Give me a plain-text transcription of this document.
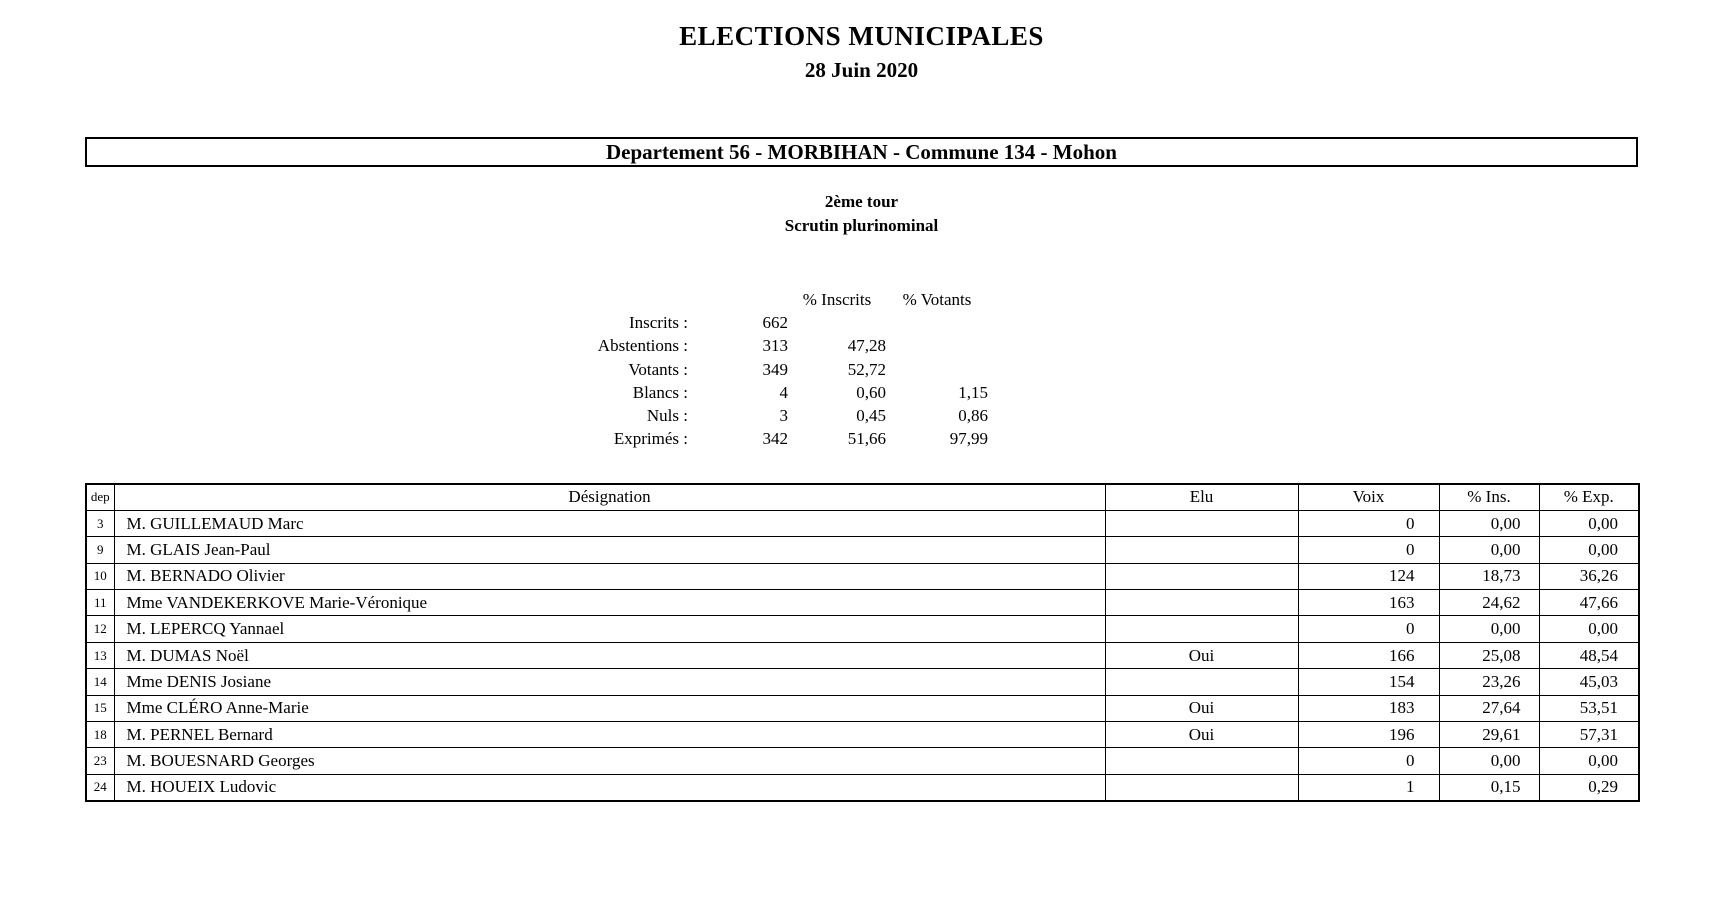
ELECTIONS MUNICIPALES
28 Juin 2020
Departement 56 - MORBIHAN - Commune 134 - Mohon
2ème tour
Scrutin plurinominal
		% Inscrits	% Votants
Inscrits :	662		
Abstentions :	313	47,28	
Votants :	349	52,72	
Blancs :	4	0,60	1,15
Nuls :	3	0,45	0,86
Exprimés :	342	51,66	97,99
dep	Désignation	Elu	Voix	% Ins.	% Exp.
3	M. GUILLEMAUD Marc		0	0,00	0,00
9	M. GLAIS Jean-Paul		0	0,00	0,00
10	M. BERNADO Olivier		124	18,73	36,26
11	Mme VANDEKERKOVE Marie-Véronique		163	24,62	47,66
12	M. LEPERCQ Yannael		0	0,00	0,00
13	M. DUMAS Noël	Oui	166	25,08	48,54
14	Mme DENIS Josiane		154	23,26	45,03
15	Mme CLÉRO Anne-Marie	Oui	183	27,64	53,51
18	M. PERNEL Bernard	Oui	196	29,61	57,31
23	M. BOUESNARD Georges		0	0,00	0,00
24	M. HOUEIX Ludovic		1	0,15	0,29
